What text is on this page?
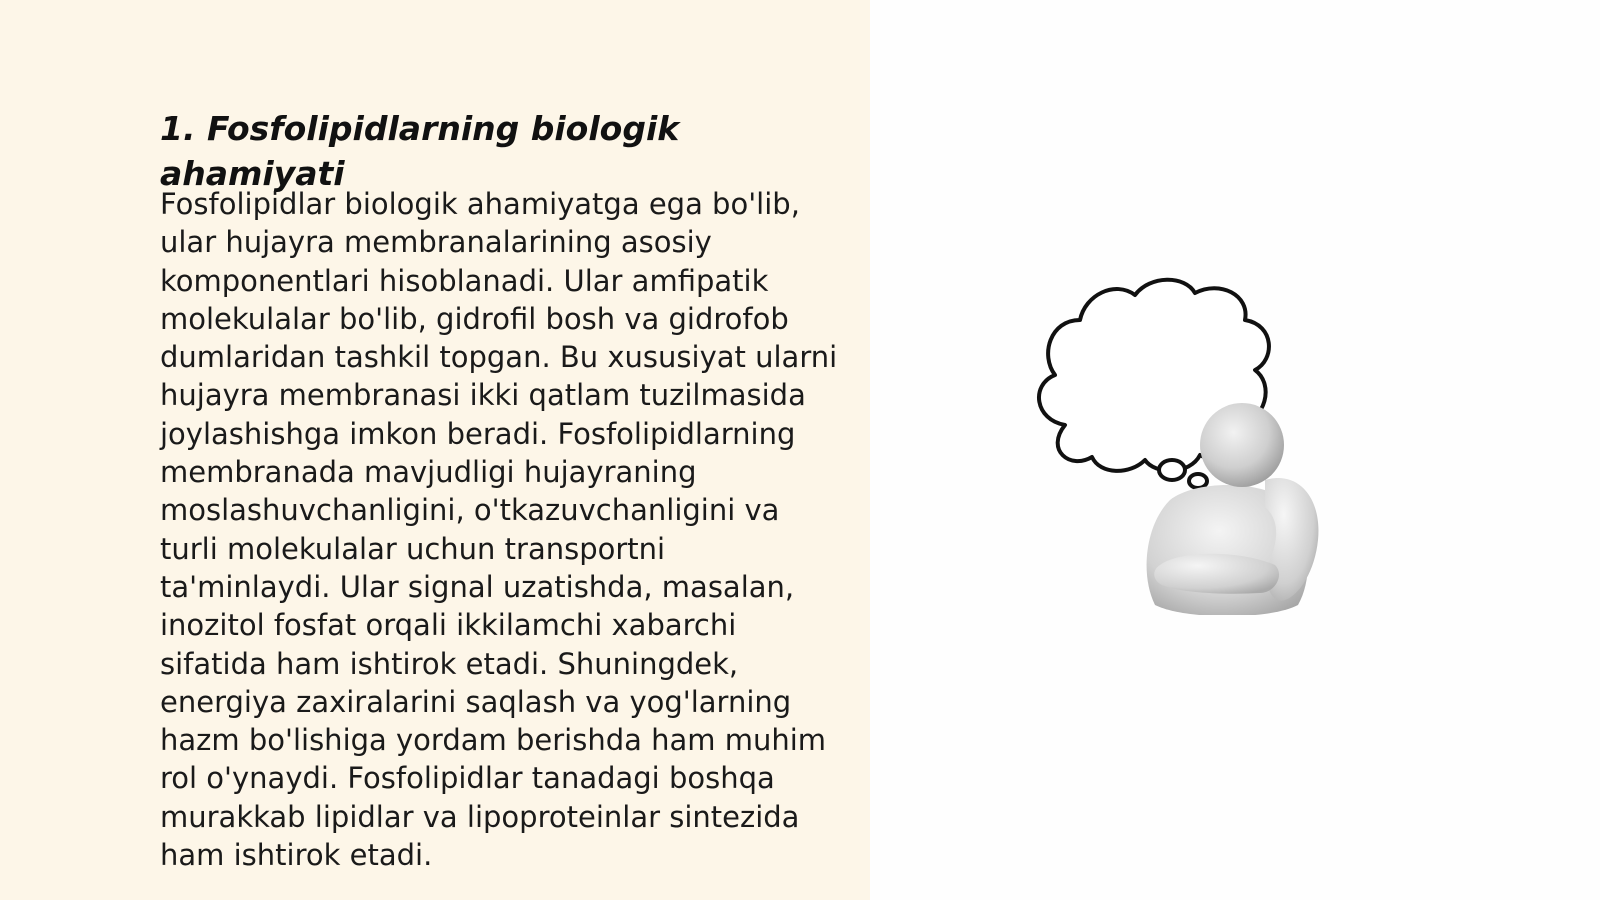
1. Fosfolipidlarning biologik ahamiyati

Fosfolipidlar biologik ahamiyatga ega bo'lib, ular hujayra membranalarining asosiy komponentlari hisoblanadi. Ular amfipatik molekulalar bo'lib, gidrofil bosh va gidrofob dumlaridan tashkil topgan. Bu xususiyat ularni hujayra membranasi ikki qatlam tuzilmasida joylashishga imkon beradi. Fosfolipidlarning membranada mavjudligi hujayraning moslashuvchanligini, o'tkazuvchanligini va turli molekulalar uchun transportni ta'minlaydi. Ular signal uzatishda, masalan, inozitol fosfat orqali ikkilamchi xabarchi sifatida ham ishtirok etadi. Shuningdek, energiya zaxiralarini saqlash va yog'larning hazm bo'lishiga yordam berishda ham muhim rol o'ynaydi. Fosfolipidlar tanadagi boshqa murakkab lipidlar va lipoproteinlar sintezida ham ishtirok etadi.
